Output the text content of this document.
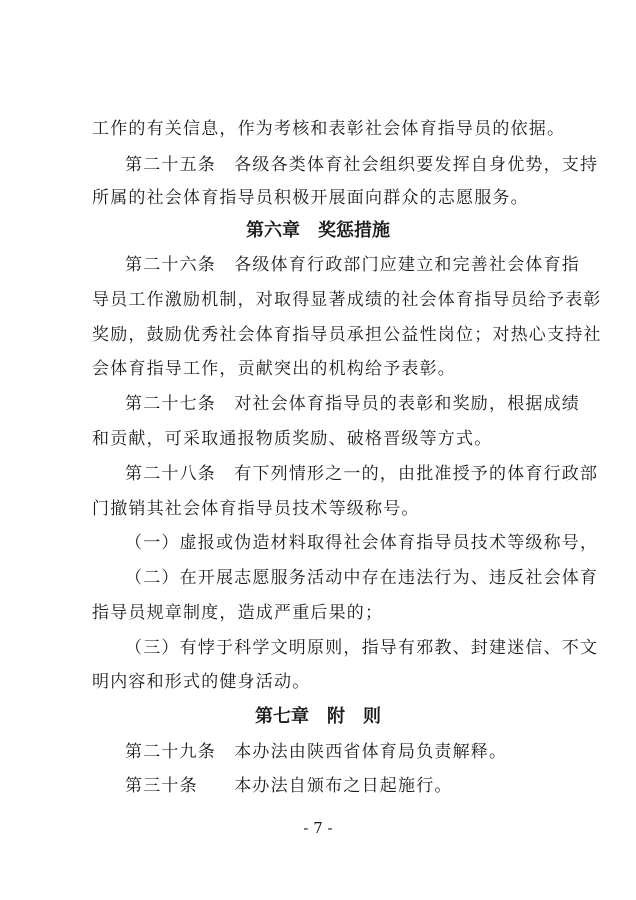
工作的有关信息，作为考核和表彰社会体育指导员的依据。
第二十五条　各级各类体育社会组织要发挥自身优势，支持
所属的社会体育指导员积极开展面向群众的志愿服务。
第六章　奖惩措施
第二十六条　各级体育行政部门应建立和完善社会体育指
导员工作激励机制，对取得显著成绩的社会体育指导员给予表彰
奖励，鼓励优秀社会体育指导员承担公益性岗位；对热心支持社
会体育指导工作，贡献突出的机构给予表彰。
第二十七条　对社会体育指导员的表彰和奖励，根据成绩
和贡献，可采取通报物质奖励、破格晋级等方式。
第二十八条　有下列情形之一的，由批准授予的体育行政部
门撤销其社会体育指导员技术等级称号。
（一）虚报或伪造材料取得社会体育指导员技术等级称号，
（二）在开展志愿服务活动中存在违法行为、违反社会体育
指导员规章制度，造成严重后果的；
（三）有悖于科学文明原则，指导有邪教、封建迷信、不文
明内容和形式的健身活动。
第七章　附　则
第二十九条　本办法由陕西省体育局负责解释。
第三十条　　本办法自颁布之日起施行。
- 7 -
